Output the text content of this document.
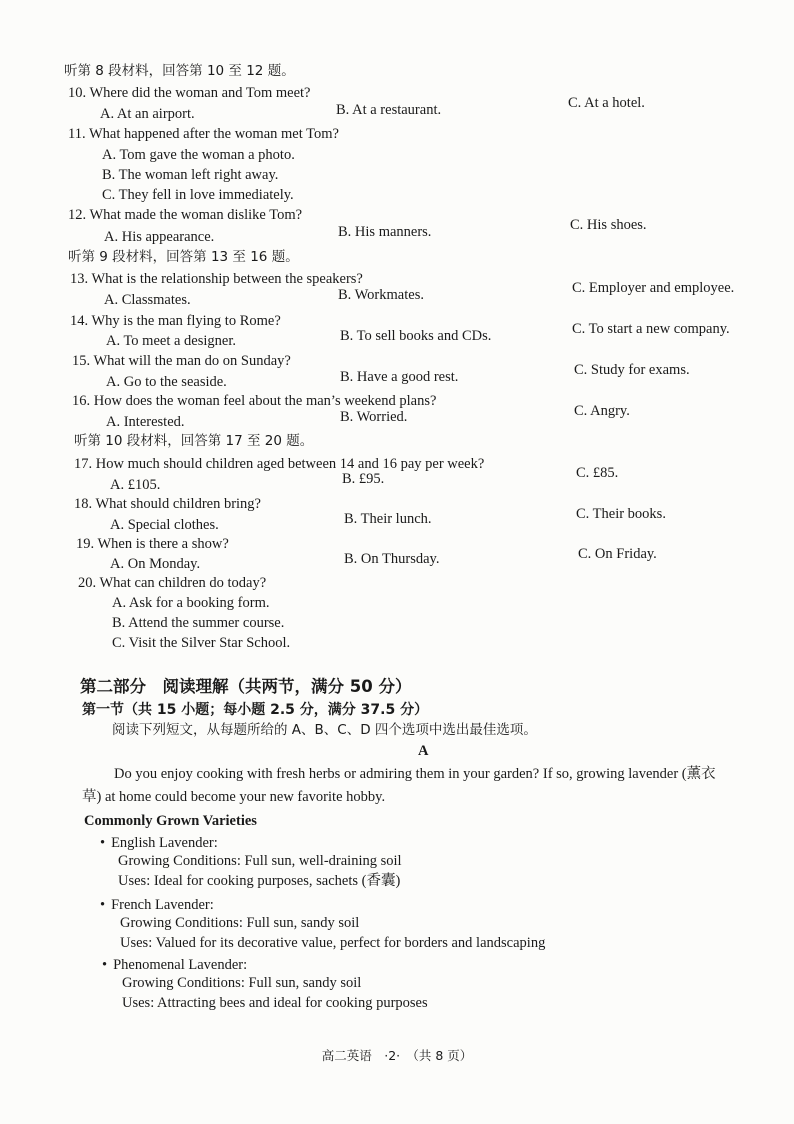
听第 8 段材料，回答第 10 至 12 题。
10. Where did the woman and Tom meet?
A. At an airport.	B. At a restaurant.	C. At a hotel.
11. What happened after the woman met Tom?
A. Tom gave the woman a photo.
B. The woman left right away.
C. They fell in love immediately.
12. What made the woman dislike Tom?
A. His appearance.	B. His manners.	C. His shoes.
听第 9 段材料，回答第 13 至 16 题。
13. What is the relationship between the speakers?
A. Classmates.	B. Workmates.	C. Employer and employee.
14. Why is the man flying to Rome?
A. To meet a designer.	B. To sell books and CDs.	C. To start a new company.
15. What will the man do on Sunday?
A. Go to the seaside.	B. Have a good rest.	C. Study for exams.
16. How does the woman feel about the man’s weekend plans?
A. Interested.	B. Worried.	C. Angry.
听第 10 段材料，回答第 17 至 20 题。
17. How much should children aged between 14 and 16 pay per week?
A. £105.	B. £95.	C. £85.
18. What should children bring?
A. Special clothes.	B. Their lunch.	C. Their books.
19. When is there a show?
A. On Monday.	B. On Thursday.	C. On Friday.
20. What can children do today?
A. Ask for a booking form.
B. Attend the summer course.
C. Visit the Silver Star School.
第二部分　阅读理解（共两节，满分 50 分）
第一节（共 15 小题；每小题 2.5 分，满分 37.5 分）
阅读下列短文，从每题所给的 A、B、C、D 四个选项中选出最佳选项。
A
Do you enjoy cooking with fresh herbs or admiring them in your garden? If so, growing lavender (薰衣
草) at home could become your new favorite hobby.
Commonly Grown Varieties
• English Lavender:
Growing Conditions: Full sun, well-draining soil
Uses: Ideal for cooking purposes, sachets (香囊)
• French Lavender:
Growing Conditions: Full sun, sandy soil
Uses: Valued for its decorative value, perfect for borders and landscaping
• Phenomenal Lavender:
Growing Conditions: Full sun, sandy soil
Uses: Attracting bees and ideal for cooking purposes
高二英语　·2·　（共 8 页）
